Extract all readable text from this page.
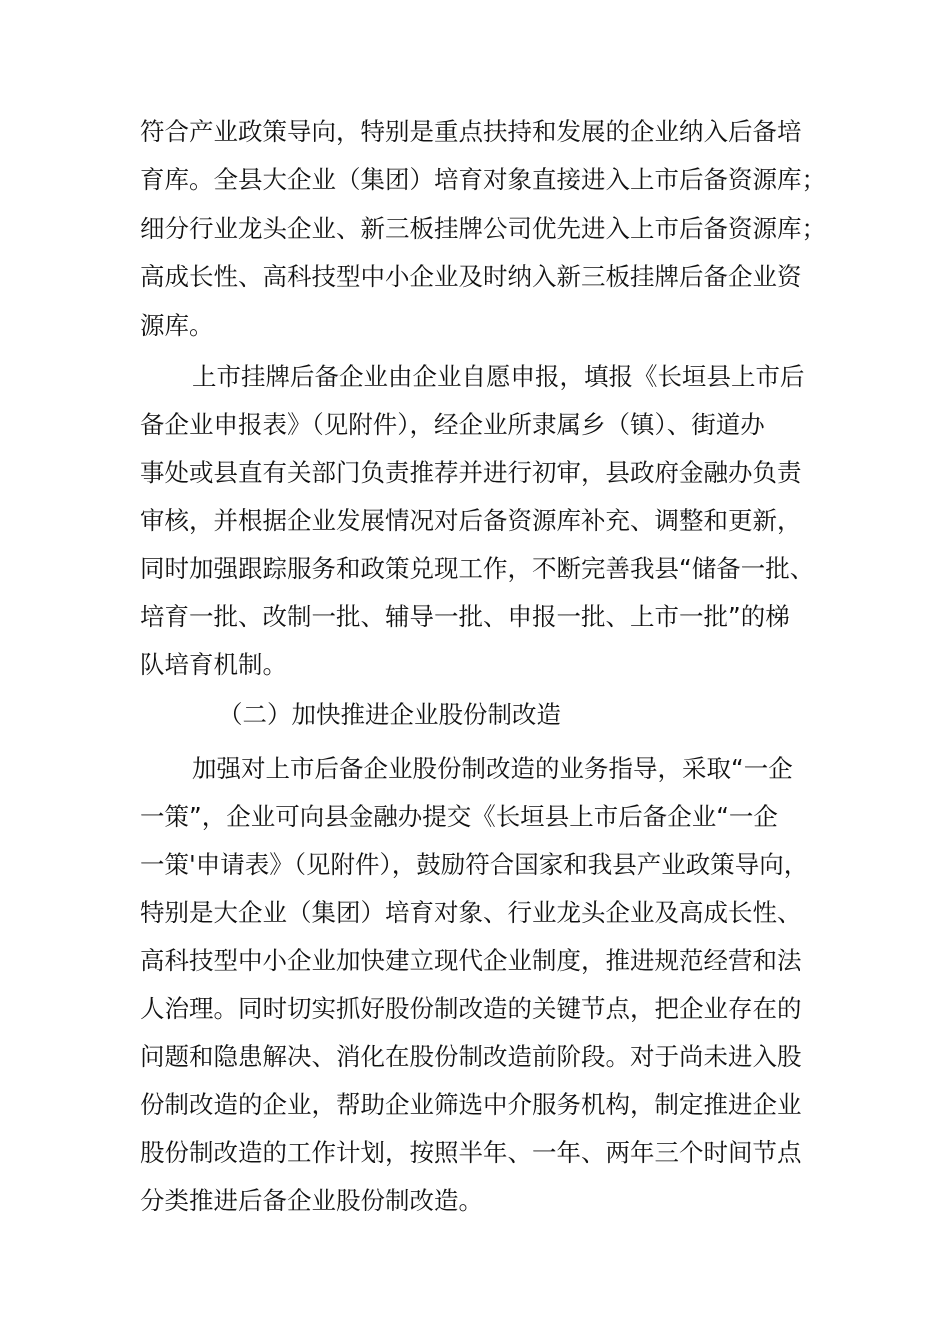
符合产业政策导向，特别是重点扶持和发展的企业纳入后备培
育库。全县大企业（集团）培育对象直接进入上市后备资源库；
细分行业龙头企业、新三板挂牌公司优先进入上市后备资源库；
高成长性、高科技型中小企业及时纳入新三板挂牌后备企业资
源库。
上市挂牌后备企业由企业自愿申报，填报《长垣县上市后
备企业申报表》（见附件），经企业所隶属乡（镇）、街道办
事处或县直有关部门负责推荐并进行初审，县政府金融办负责
审核，并根据企业发展情况对后备资源库补充、调整和更新，
同时加强跟踪服务和政策兑现工作，不断完善我县“储备一批、
培育一批、改制一批、辅导一批、申报一批、上市一批”的梯
队培育机制。
（二）加快推进企业股份制改造
加强对上市后备企业股份制改造的业务指导，采取“一企
一策”，企业可向县金融办提交《长垣县上市后备企业“一企
一策'申请表》（见附件），鼓励符合国家和我县产业政策导向，
特别是大企业（集团）培育对象、行业龙头企业及高成长性、
高科技型中小企业加快建立现代企业制度，推进规范经营和法
人治理。同时切实抓好股份制改造的关键节点，把企业存在的
问题和隐患解决、消化在股份制改造前阶段。对于尚未进入股
份制改造的企业，帮助企业筛选中介服务机构，制定推进企业
股份制改造的工作计划，按照半年、一年、两年三个时间节点
分类推进后备企业股份制改造。
